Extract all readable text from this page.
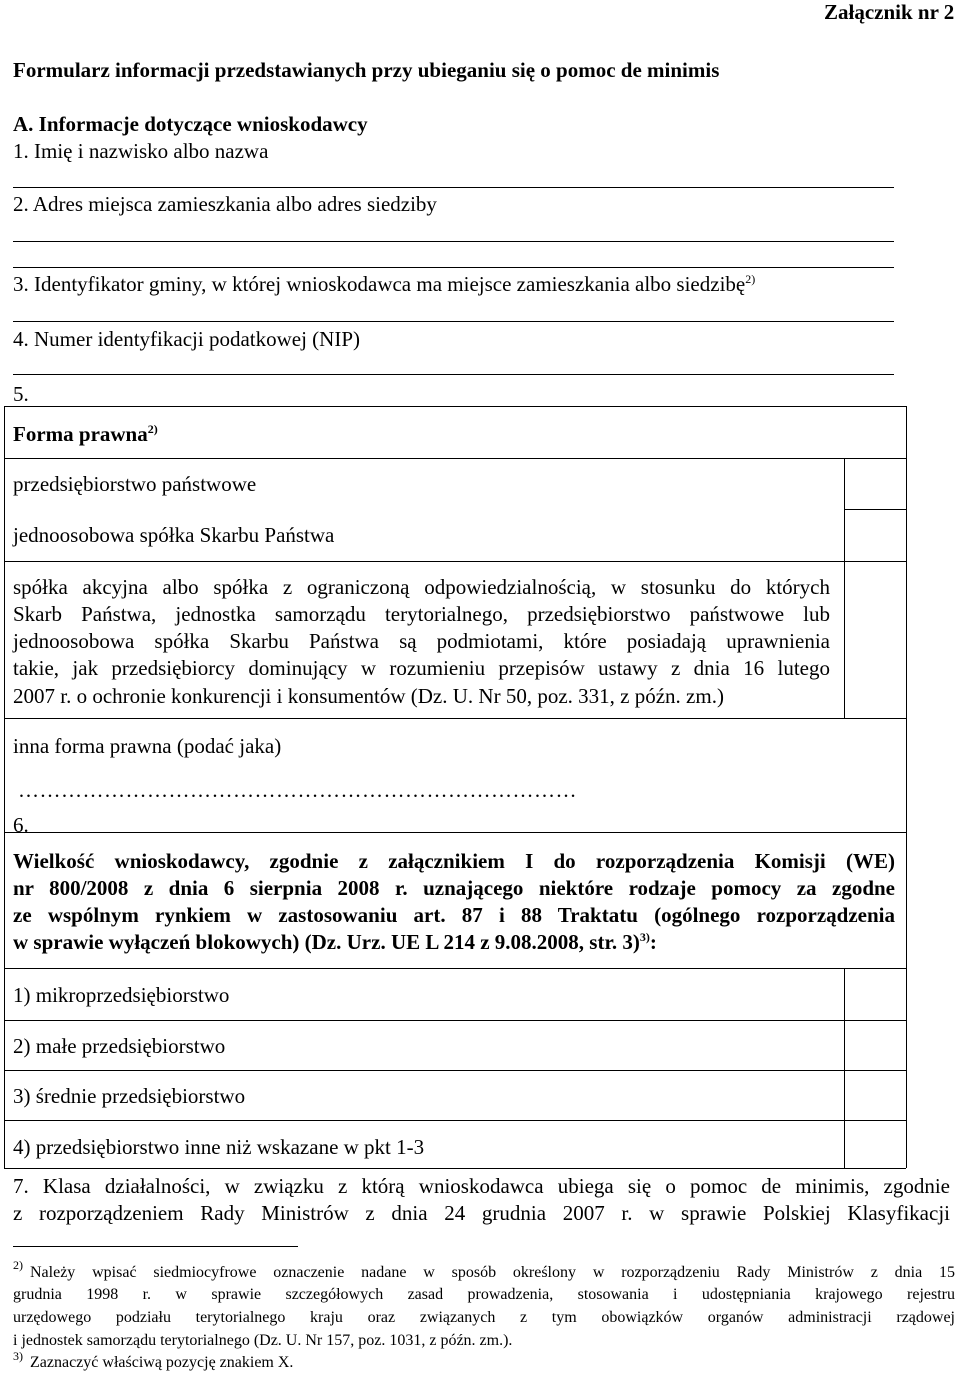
Załącznik nr 2
Formularz informacji przedstawianych przy ubieganiu się o pomoc de minimis
A. Informacje dotyczące wnioskodawcy
1. Imię i nazwisko albo nazwa
2. Adres miejsca zamieszkania albo adres siedziby
3. Identyfikator gminy, w której wnioskodawca ma miejsce zamieszkania albo siedzibę$^{2)}$
4. Numer identyfikacji podatkowej (NIP)
5.
Forma prawna$^{2)}$
przedsiębiorstwo państwowe
jednoosobowa spółka Skarbu Państwa
spółka akcyjna albo spółka z ograniczoną odpowiedzialnością, w stosunku do których
Skarb Państwa, jednostka samorządu terytorialnego, przedsiębiorstwo państwowe lub
jednoosobowa spółka Skarbu Państwa są podmiotami, które posiadają uprawnienia
takie, jak przedsiębiorcy dominujący w rozumieniu przepisów ustawy z dnia 16 lutego
2007 r. o ochronie konkurencji i konsumentów (Dz. U. Nr 50, poz. 331, z późn. zm.)
inna forma prawna (podać jaka)
……………………………………………………………………
6.
Wielkość wnioskodawcy, zgodnie z załącznikiem I do rozporządzenia Komisji (WE)
nr 800/2008 z dnia 6 sierpnia 2008 r. uznającego niektóre rodzaje pomocy za zgodne
ze wspólnym rynkiem w zastosowaniu art. 87 i 88 Traktatu (ogólnego rozporządzenia
w sprawie wyłączeń blokowych) (Dz. Urz. UE L 214 z 9.08.2008, str. 3)$^{3)}$:
1) mikroprzedsiębiorstwo
2) małe przedsiębiorstwo
3) średnie przedsiębiorstwo
4) przedsiębiorstwo inne niż wskazane w pkt 1-3
7. Klasa działalności, w związku z którą wnioskodawca ubiega się o pomoc de minimis, zgodnie
z rozporządzeniem Rady Ministrów z dnia 24 grudnia 2007 r. w sprawie Polskiej Klasyfikacji
2) Należy wpisać siedmiocyfrowe oznaczenie nadane w sposób określony w rozporządzeniu Rady Ministrów z dnia 15
grudnia 1998 r. w sprawie szczegółowych zasad prowadzenia, stosowania i udostępniania krajowego rejestru
urzędowego podziału terytorialnego kraju oraz związanych z tym obowiązków organów administracji rządowej
i jednostek samorządu terytorialnego (Dz. U. Nr 157, poz. 1031, z późn. zm.).
3) Zaznaczyć właściwą pozycję znakiem X.
